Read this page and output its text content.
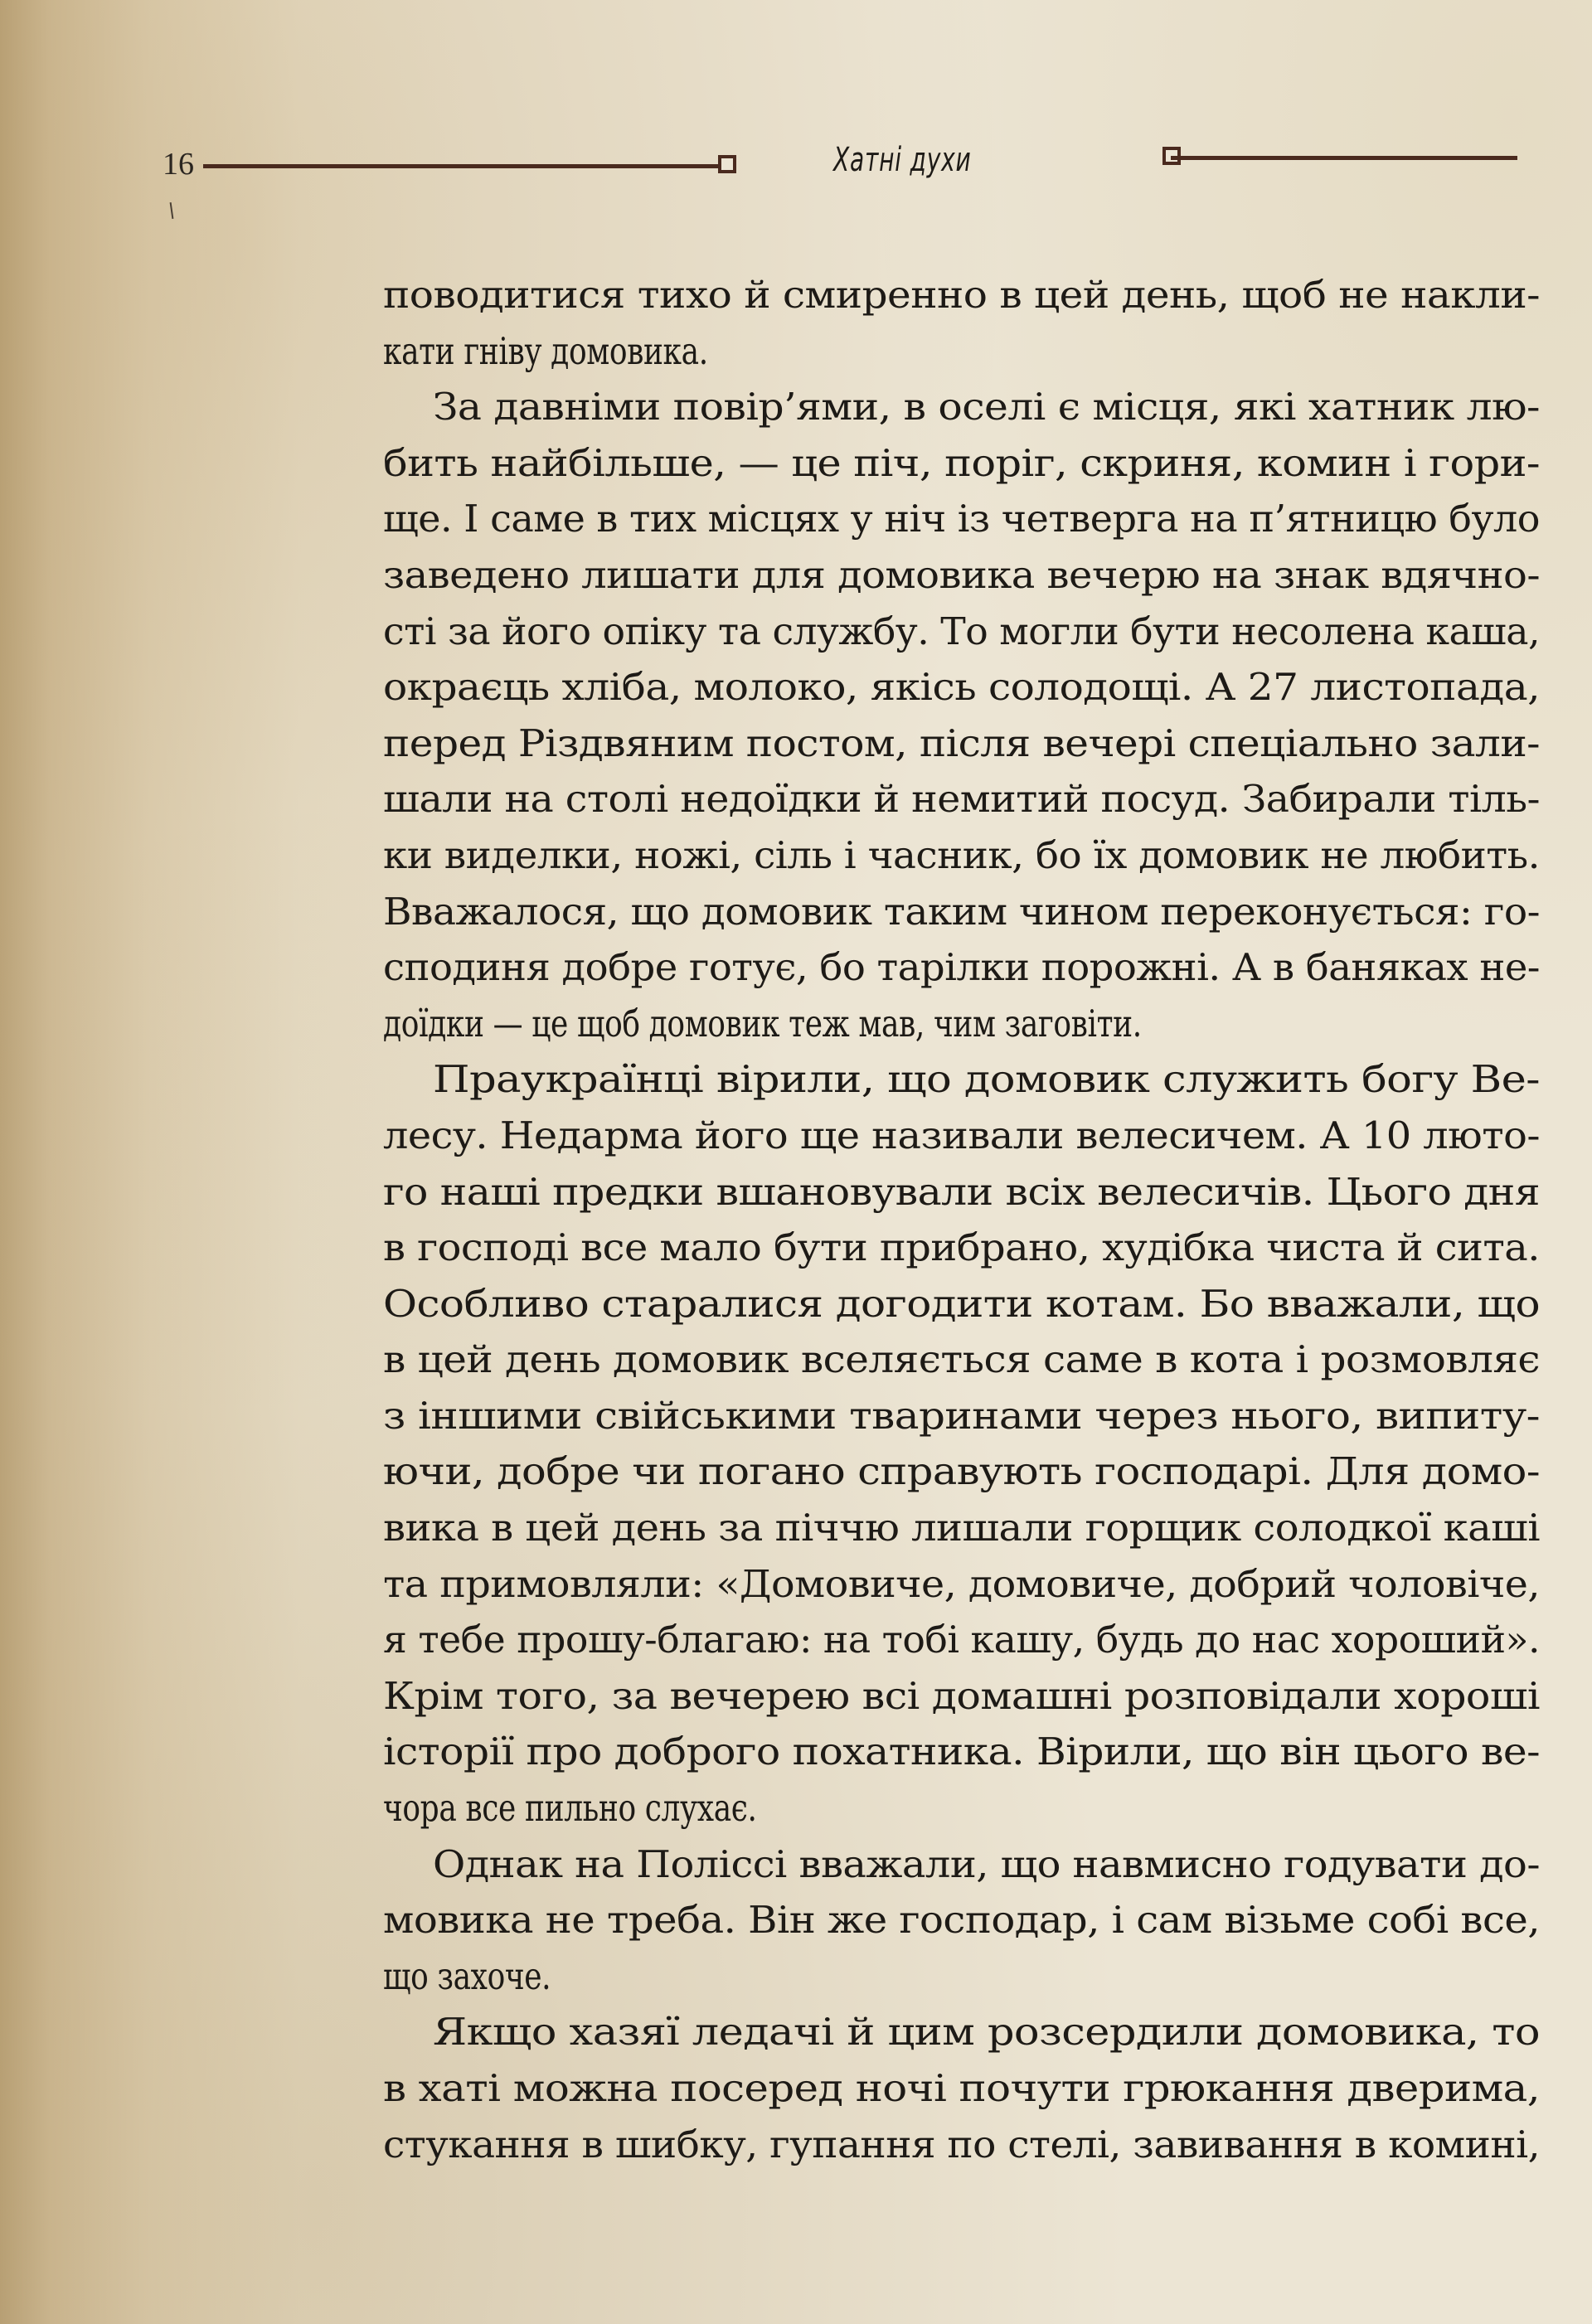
16	Хатні духи
поводитися тихо й смиренно в цей день, щоб не накли-
кати гніву домовика.
За давніми повір’ями, в оселі є місця, які хатник лю-
бить найбільше, — це піч, поріг, скриня, комин і гори-
ще. І саме в тих місцях у ніч із четверга на п’ятницю було
заведено лишати для домовика вечерю на знак вдячно-
сті за його опіку та службу. То могли бути несолена каша,
окраєць хліба, молоко, якісь солодощі. А 27 листопада,
перед Різдвяним постом, після вечері спеціально зали-
шали на столі недоїдки й немитий посуд. Забирали тіль-
ки виделки, ножі, сіль і часник, бо їх домовик не любить.
Вважалося, що домовик таким чином переконується: го-
сподиня добре готує, бо тарілки порожні. А в баняках не-
доїдки — це щоб домовик теж мав, чим заговіти.
Праукраїнці вірили, що домовик служить богу Ве-
лесу. Недарма його ще називали велесичем. А 10 люто-
го наші предки вшановували всіх велесичів. Цього дня
в господі все мало бути прибрано, худібка чиста й сита.
Особливо старалися догодити котам. Бо вважали, що
в цей день домовик вселяється саме в кота і розмовляє
з іншими свійськими тваринами через нього, випиту-
ючи, добре чи погано справують господарі. Для домо-
вика в цей день за піччю лишали горщик солодкої каші
та примовляли: «Домовиче, домовиче, добрий чоловіче,
я тебе прошу-благаю: на тобі кашу, будь до нас хороший».
Крім того, за вечерею всі домашні розповідали хороші
історії про доброго похатника. Вірили, що він цього ве-
чора все пильно слухає.
Однак на Поліссі вважали, що навмисно годувати до-
мовика не треба. Він же господар, і сам візьме собі все,
що захоче.
Якщо хазяї ледачі й цим розсердили домовика, то
в хаті можна посеред ночі почути грюкання дверима,
стукання в шибку, гупання по стелі, завивання в комині,
